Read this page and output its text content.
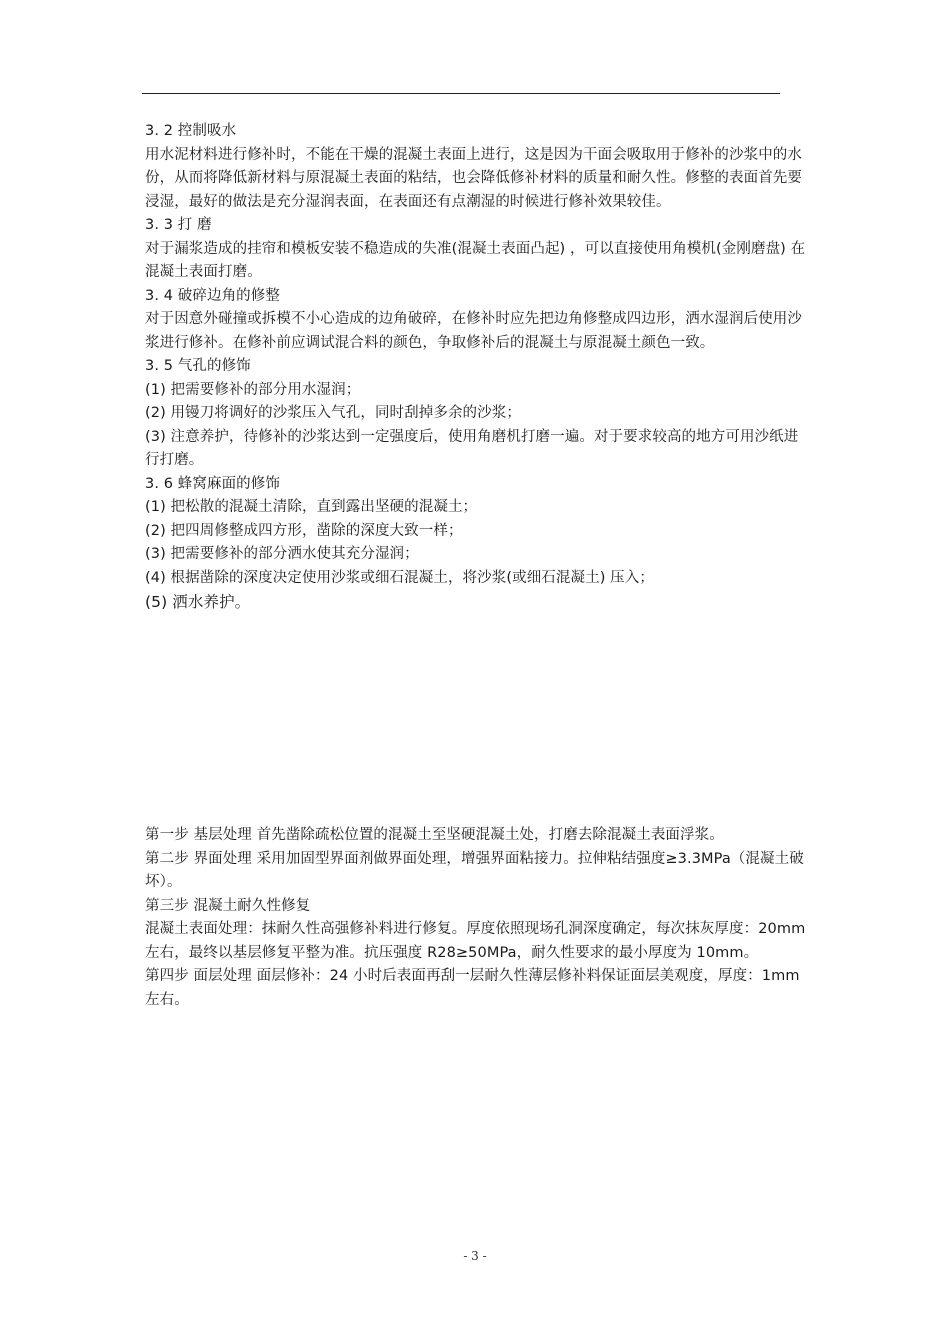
3. 2 控制吸水

用水泥材料进行修补时，不能在干燥的混凝土表面上进行，这是因为干面会吸取用于修补的沙浆中的水份，从而将降低新材料与原混凝土表面的粘结，也会降低修补材料的质量和耐久性。修整的表面首先要浸湿，最好的做法是充分湿润表面，在表面还有点潮湿的时候进行修补效果较佳。

3. 3 打 磨

对于漏浆造成的挂帘和模板安装不稳造成的失准(混凝土表面凸起) ，可以直接使用角模机(金刚磨盘) 在混凝土表面打磨。

3. 4 破碎边角的修整

对于因意外碰撞或拆模不小心造成的边角破碎，在修补时应先把边角修整成四边形，洒水湿润后使用沙浆进行修补。在修补前应调试混合料的颜色，争取修补后的混凝土与原混凝土颜色一致。

3. 5 气孔的修饰

(1) 把需要修补的部分用水湿润；

(2) 用镘刀将调好的沙浆压入气孔，同时刮掉多余的沙浆；

(3) 注意养护，待修补的沙浆达到一定强度后，使用角磨机打磨一遍。对于要求较高的地方可用沙纸进行打磨。

3. 6 蜂窝麻面的修饰

(1) 把松散的混凝土清除，直到露出坚硬的混凝土；

(2) 把四周修整成四方形，凿除的深度大致一样；

(3) 把需要修补的部分洒水使其充分湿润；

(4) 根据凿除的深度决定使用沙浆或细石混凝土，将沙浆(或细石混凝土) 压入；

(5) 洒水养护。

第一步 基层处理 首先凿除疏松位置的混凝土至坚硬混凝土处，打磨去除混凝土表面浮浆。

第二步 界面处理 采用加固型界面剂做界面处理，增强界面粘接力。拉伸粘结强度≥3.3MPa（混凝土破坏）。

第三步 混凝土耐久性修复

混凝土表面处理：抹耐久性高强修补料进行修复。厚度依照现场孔洞深度确定，每次抹灰厚度：20mm 左右，最终以基层修复平整为准。抗压强度 R28≥50MPa，耐久性要求的最小厚度为 10mm。

第四步 面层处理 面层修补：24 小时后表面再刮一层耐久性薄层修补料保证面层美观度，厚度：1mm 左右。

- 3 -
